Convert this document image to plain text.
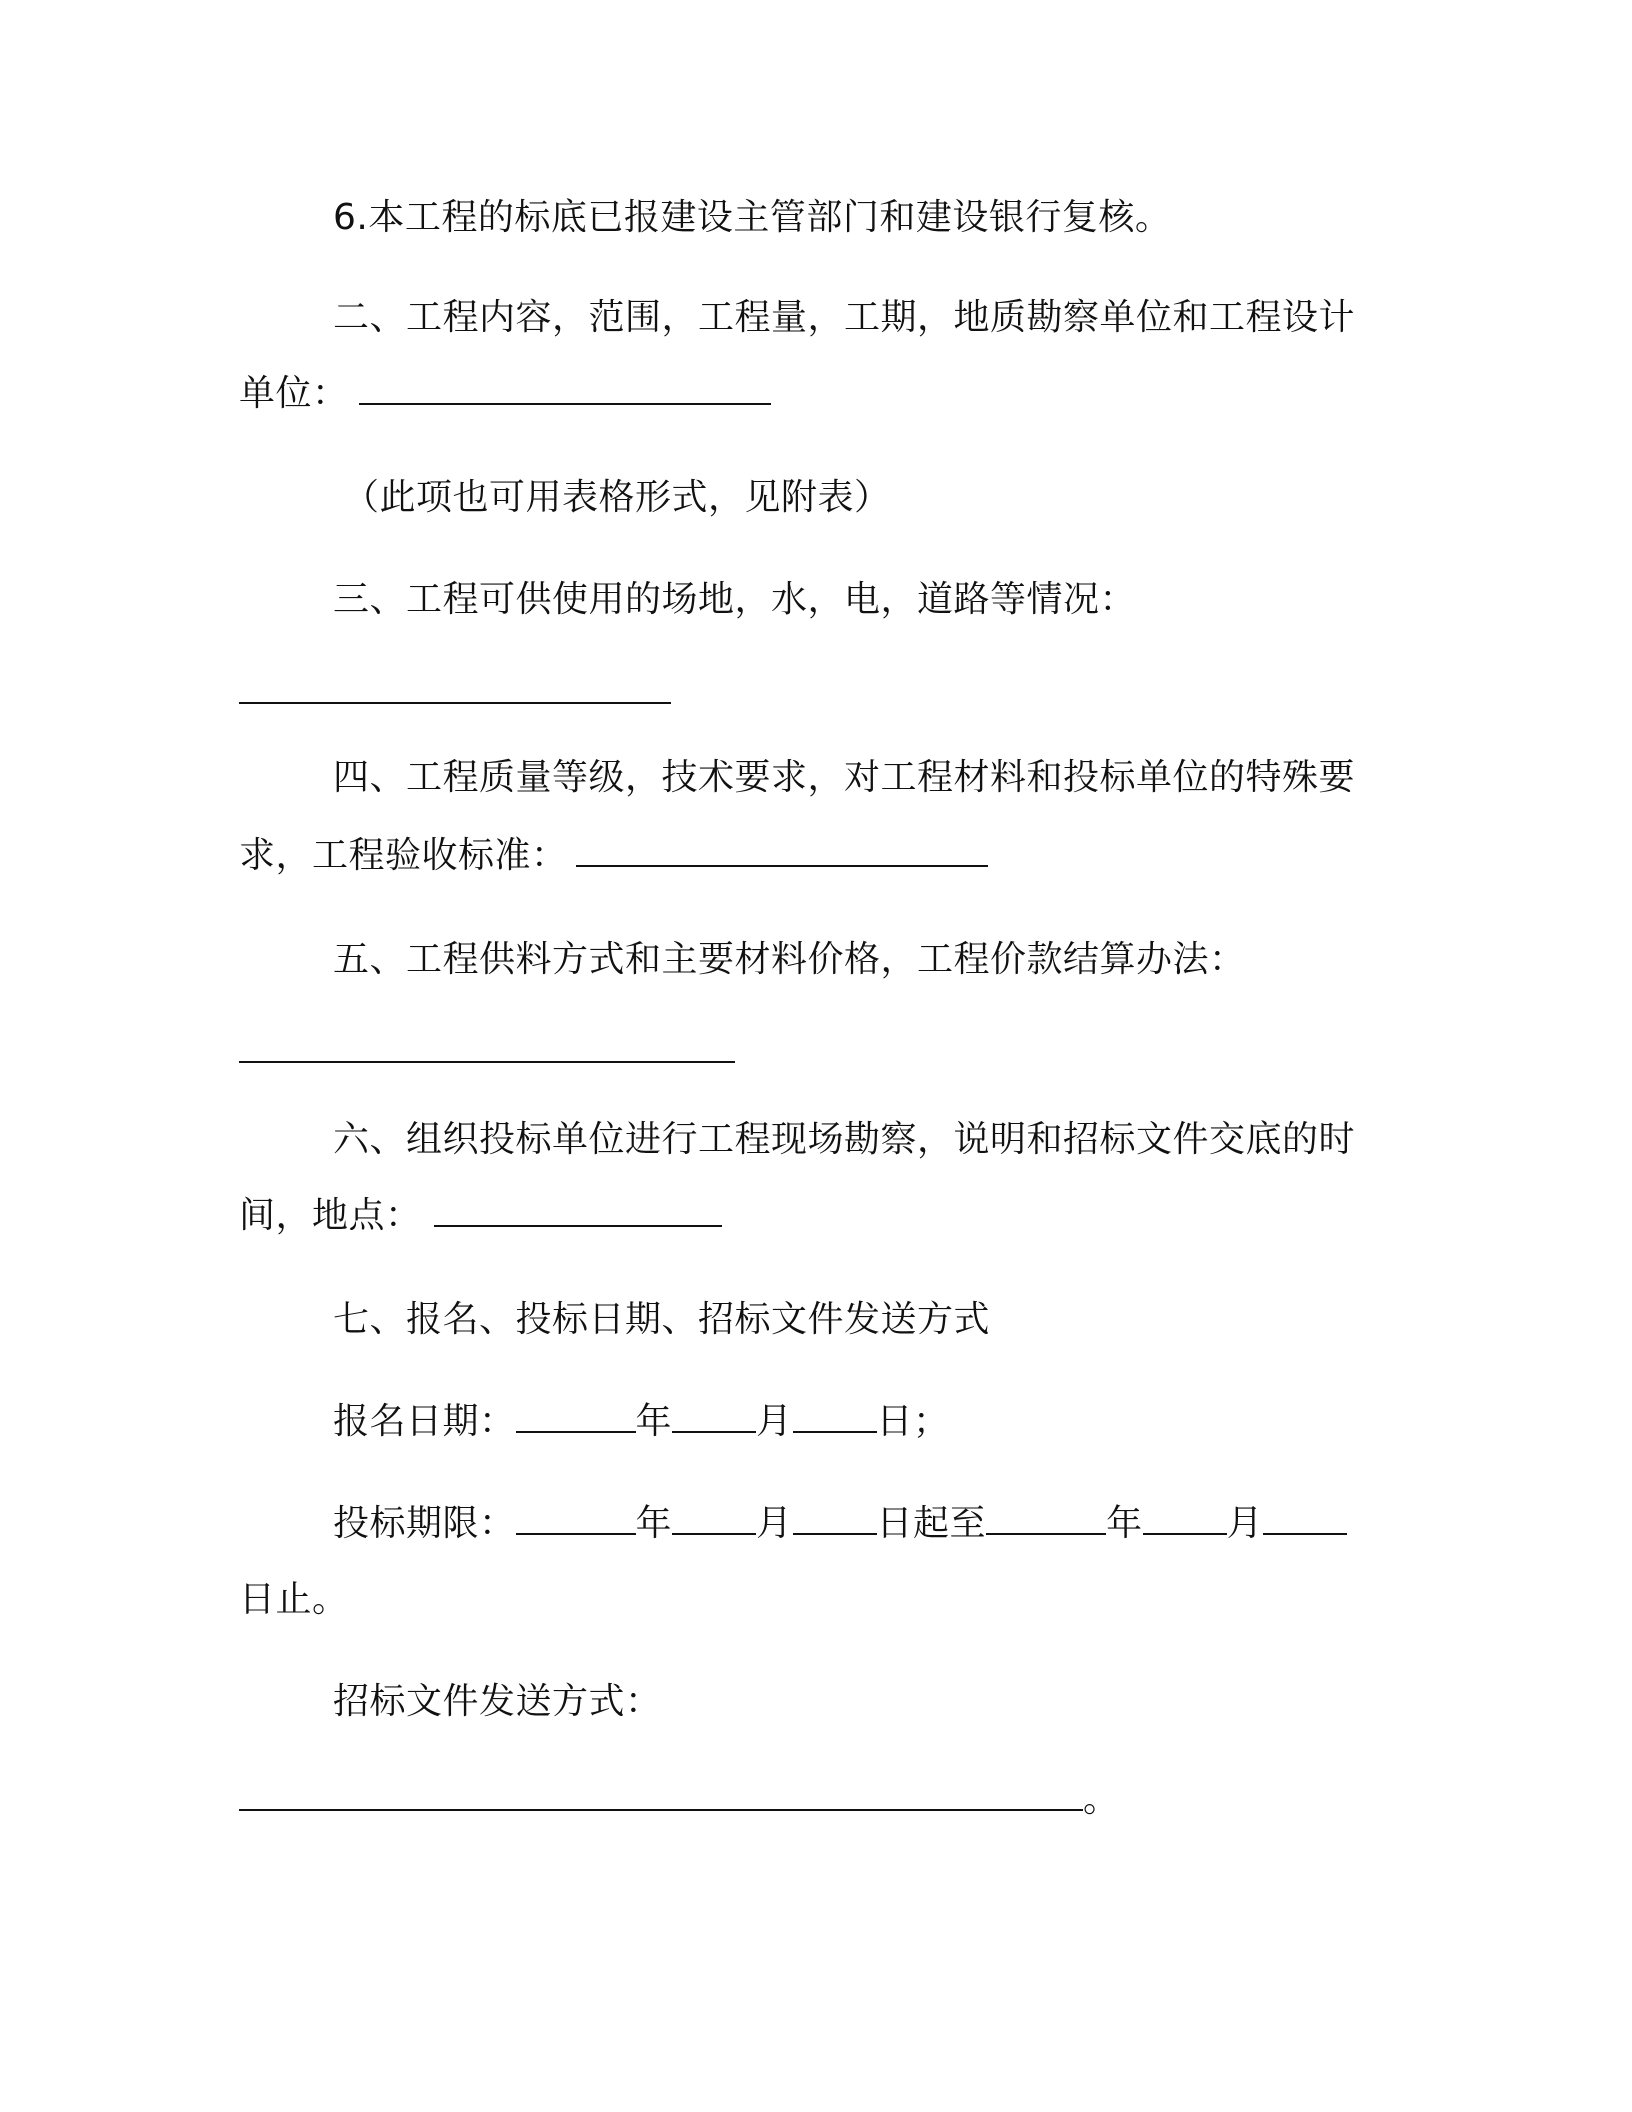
6.本工程的标底已报建设主管部门和建设银行复核。
二、工程内容，范围，工程量，工期，地质勘察单位和工程设计
单位：
（此项也可用表格形式，见附表）
三、工程可供使用的场地，水，电，道路等情况：
四、工程质量等级，技术要求，对工程材料和投标单位的特殊要
求，工程验收标准：
五、工程供料方式和主要材料价格，工程价款结算办法：
六、组织投标单位进行工程现场勘察，说明和招标文件交底的时
间，地点：
七、报名、投标日期、招标文件发送方式
报名日期：	年 月 日；
投标期限：	年 月 日起至	年 月
日止。
招标文件发送方式：
。
